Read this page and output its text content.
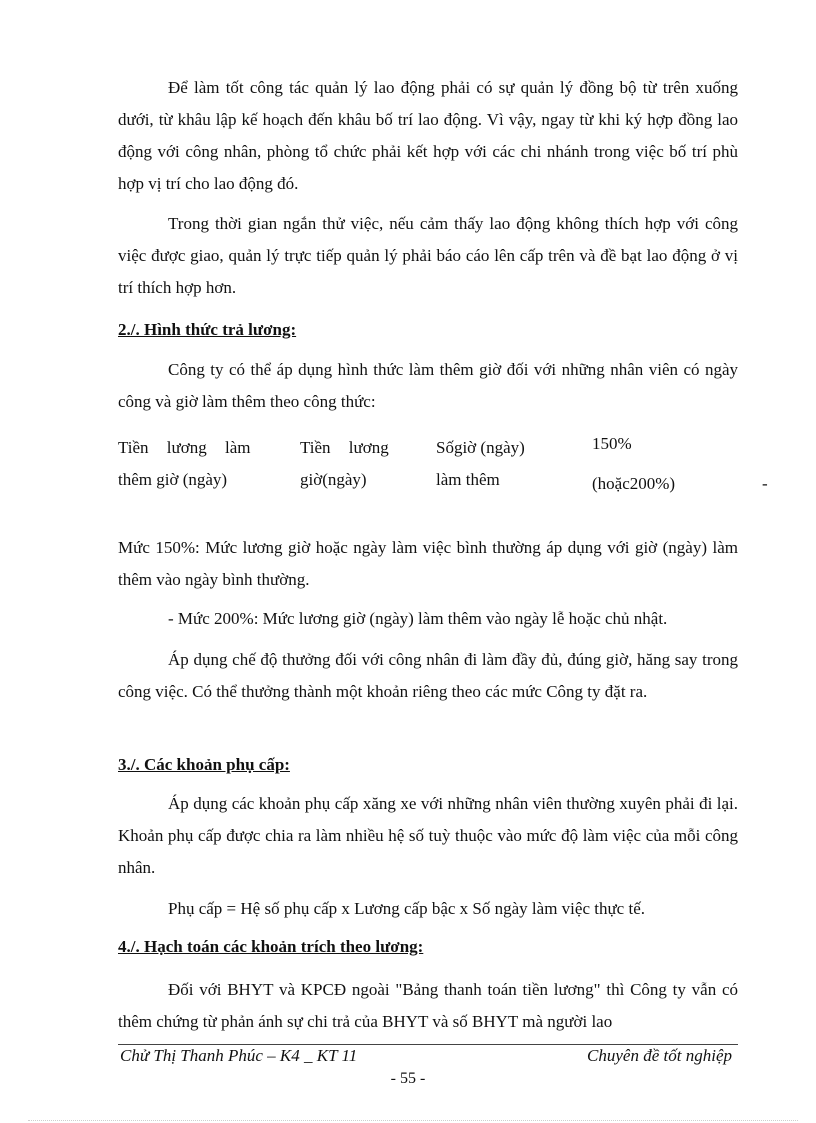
Để làm tốt công tác quản lý lao động phải có sự quản lý đồng bộ từ trên xuống dưới, từ khâu lập kế hoạch đến khâu bố trí lao động. Vì vậy, ngay từ khi ký hợp đồng lao động với công nhân, phòng tổ chức phải kết hợp với các chi nhánh trong việc bố trí phù hợp vị trí cho lao động đó.

Trong thời gian ngắn thử việc, nếu cảm thấy lao động không thích hợp với công việc được giao, quản lý trực tiếp quản lý phải báo cáo lên cấp trên và đề bạt lao động ở vị trí thích hợp hơn.

2./. Hình thức trả lương:

Công ty có thể áp dụng hình thức làm thêm giờ đối với những nhân viên có ngày công và giờ làm thêm theo công thức:

Tiền lương làm
thêm giờ (ngày)
Tiền lương
giờ(ngày)
Sốgiờ (ngày)
làm thêm
150%
(hoặc200%)	-

Mức 150%: Mức lương giờ hoặc ngày làm việc bình thường áp dụng với giờ (ngày) làm thêm vào ngày bình thường.

- Mức 200%: Mức lương giờ (ngày) làm thêm vào ngày lễ hoặc chủ nhật.

Áp dụng chế độ thưởng đối với công nhân đi làm đầy đủ, đúng giờ, hăng say trong công việc. Có thể thưởng thành một khoản riêng theo các mức Công ty đặt ra.

3./. Các khoản phụ cấp:

Áp dụng các khoản phụ cấp xăng xe với những nhân viên thường xuyên phải đi lại. Khoản phụ cấp được chia ra làm nhiều hệ số tuỳ thuộc vào mức độ làm việc của mỗi công nhân.

Phụ cấp = Hệ số phụ cấp x Lương cấp bậc x Số ngày làm việc thực tế.

4./. Hạch toán các khoản trích theo lương:

Đối với BHYT và KPCĐ ngoài "Bảng thanh toán tiền lương" thì Công ty vẫn có thêm chứng từ phản ánh sự chi trả của BHYT và số BHYT mà người lao

Chử Thị Thanh Phúc – K4 _ KT 11	Chuyên đề tốt nghiệp
- 55 -
